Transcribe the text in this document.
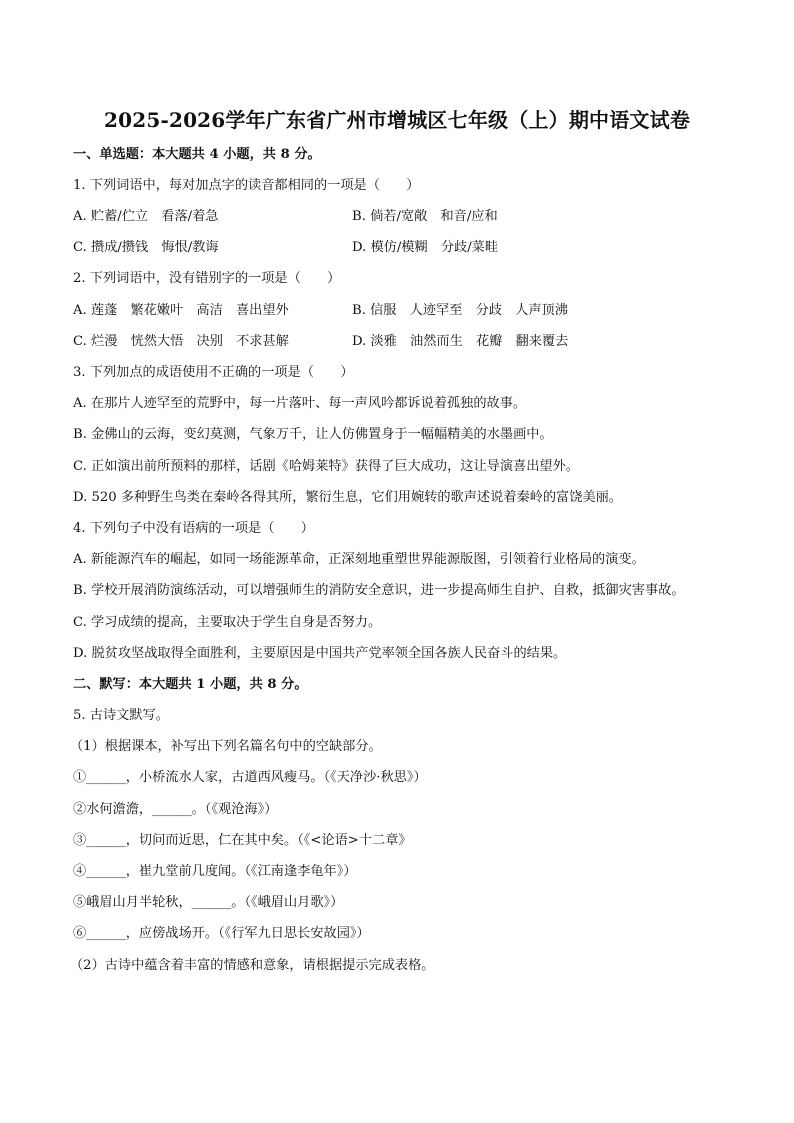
2025-2026学年广东省广州市增城区七年级（上）期中语文试卷
一、单选题：本大题共 4 小题，共 8 分。
1. 下列词语中，每对加点字的读音都相同的一项是（　　）
A. 贮蓄/伫立　看落/着急	B. 倘若/宽敞　和音/应和
C. 攒成/攒钱　悔恨/教诲	D. 模仿/模糊　分歧/菜畦
2. 下列词语中，没有错别字的一项是（　　）
A. 莲蓬　繁花嫩叶　高洁　喜出望外	B. 信服　人迹罕至　分歧　人声顶沸
C. 烂漫　恍然大悟　决别　不求甚解	D. 淡雅　油然而生　花瓣　翻来覆去
3. 下列加点的成语使用不正确的一项是（　　）
A. 在那片人迹罕至的荒野中，每一片落叶、每一声风吟都诉说着孤独的故事。
B. 金佛山的云海，变幻莫测，气象万千，让人仿佛置身于一幅幅精美的水墨画中。
C. 正如演出前所预料的那样，话剧《哈姆莱特》获得了巨大成功，这让导演喜出望外。
D. 520 多种野生鸟类在秦岭各得其所，繁衍生息，它们用婉转的歌声述说着秦岭的富饶美丽。
4. 下列句子中没有语病的一项是（　　）
A. 新能源汽车的崛起，如同一场能源革命，正深刻地重塑世界能源版图，引领着行业格局的演变。
B. 学校开展消防演练活动，可以增强师生的消防安全意识，进一步提高师生自护、自救，抵御灾害事故。
C. 学习成绩的提高，主要取决于学生自身是否努力。
D. 脱贫攻坚战取得全面胜利，主要原因是中国共产党率领全国各族人民奋斗的结果。
二、默写：本大题共 1 小题，共 8 分。
5. 古诗文默写。
（1）根据课本，补写出下列名篇名句中的空缺部分。
①______，小桥流水人家，古道西风瘦马。（《天净沙·秋思》）
②水何澹澹，______。（《观沧海》）
③______，切问而近思，仁在其中矣。（《<论语>十二章》
④______，崔九堂前几度闻。（《江南逢李龟年》）
⑤峨眉山月半轮秋，______。（《峨眉山月歌》）
⑥______，应傍战场开。（《行军九日思长安故园》）
（2）古诗中蕴含着丰富的情感和意象，请根据提示完成表格。
